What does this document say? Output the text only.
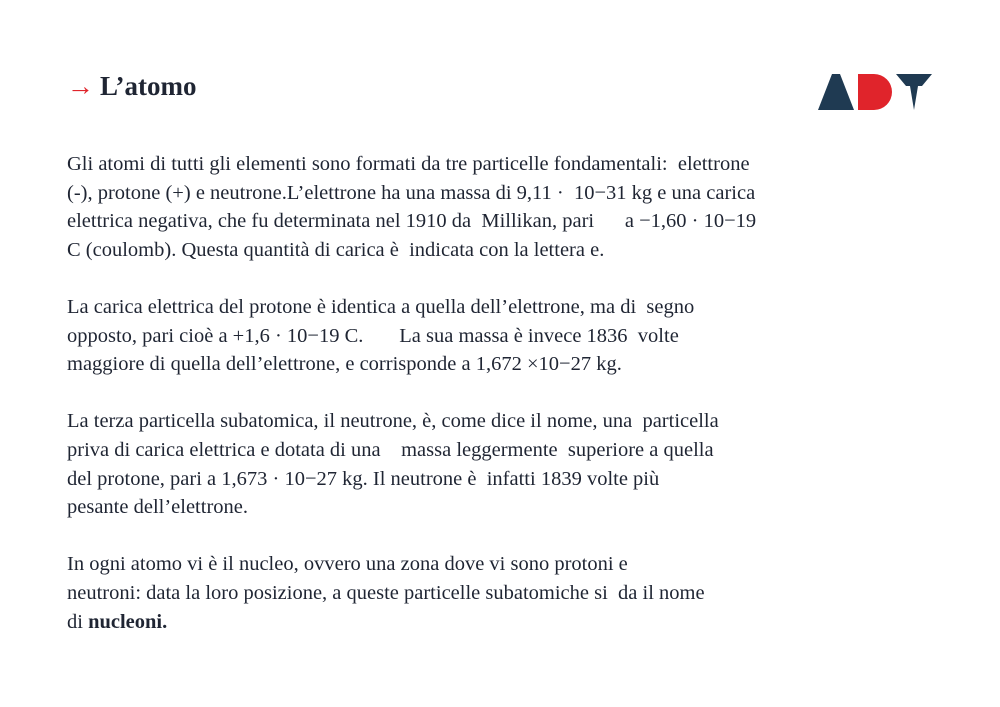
→ L’atomo
Gli atomi di tutti gli elementi sono formati da tre particelle fondamentali:  elettrone
(-), protone (+) e neutrone.L’elettrone ha una massa di 9,11 ·  10−31 kg e una carica
elettrica negativa, che fu determinata nel 1910 da  Millikan, pari      a −1,60 · 10−19
C (coulomb). Questa quantità di carica è  indicata con la lettera e.
La carica elettrica del protone è identica a quella dell’elettrone, ma di  segno
opposto, pari cioè a +1,6 · 10−19 C.       La sua massa è invece 1836  volte
maggiore di quella dell’elettrone, e corrisponde a 1,672 ×10−27 kg.
La terza particella subatomica, il neutrone, è, come dice il nome, una  particella
priva di carica elettrica e dotata di una    massa leggermente  superiore a quella
del protone, pari a 1,673 · 10−27 kg. Il neutrone è  infatti 1839 volte più
pesante dell’elettrone.
In ogni atomo vi è il nucleo, ovvero una zona dove vi sono protoni e
neutroni: data la loro posizione, a queste particelle subatomiche si  da il nome
di nucleoni.
